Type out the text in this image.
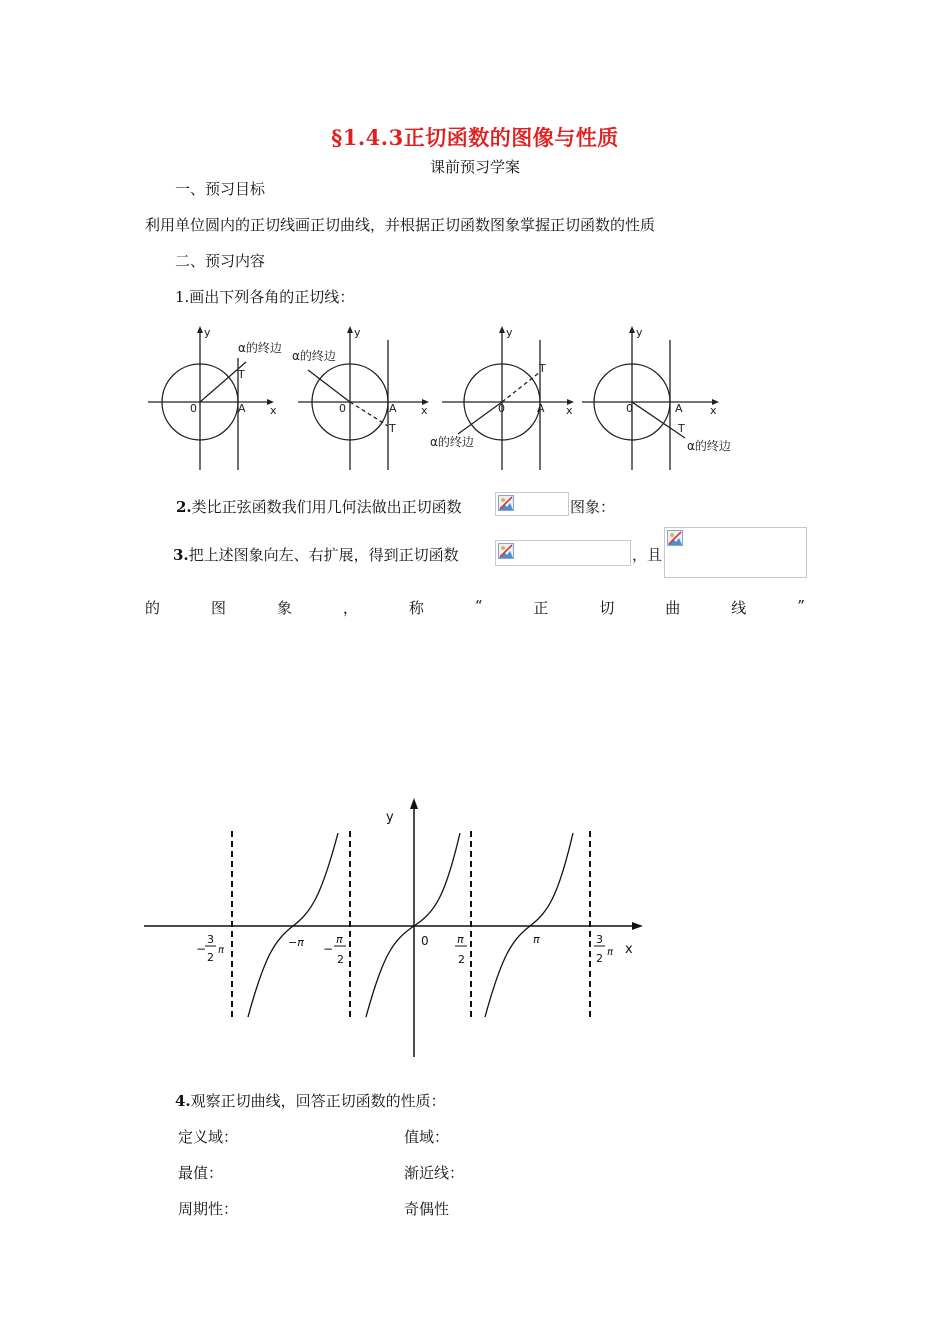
§1.4.3正切函数的图像与性质
课前预习学案
一、预习目标
利用单位圆内的正切线画正切曲线，并根据正切函数图象掌握正切函数的性质
二、预习内容
1.画出下列各角的正切线：
y
x
0	A
T
α的终边
y
x
0	A
T
α的终边
y
x
0	A
T
α的终边
y
x
0	A
T
α的终边
2.类比正弦函数我们用几何法做出正切函数	图象：
3.把上述图象向左、右扩展，得到正切函数	，且
的	图	象	，	称	“	正	切	曲	线	”
y
x
0
−
3
2
π
−π −
π
2
π
2
π	3
2 π
4.观察正切曲线，回答正切函数的性质：
定义域：	值域：
最值：	渐近线：
周期性：	奇偶性
